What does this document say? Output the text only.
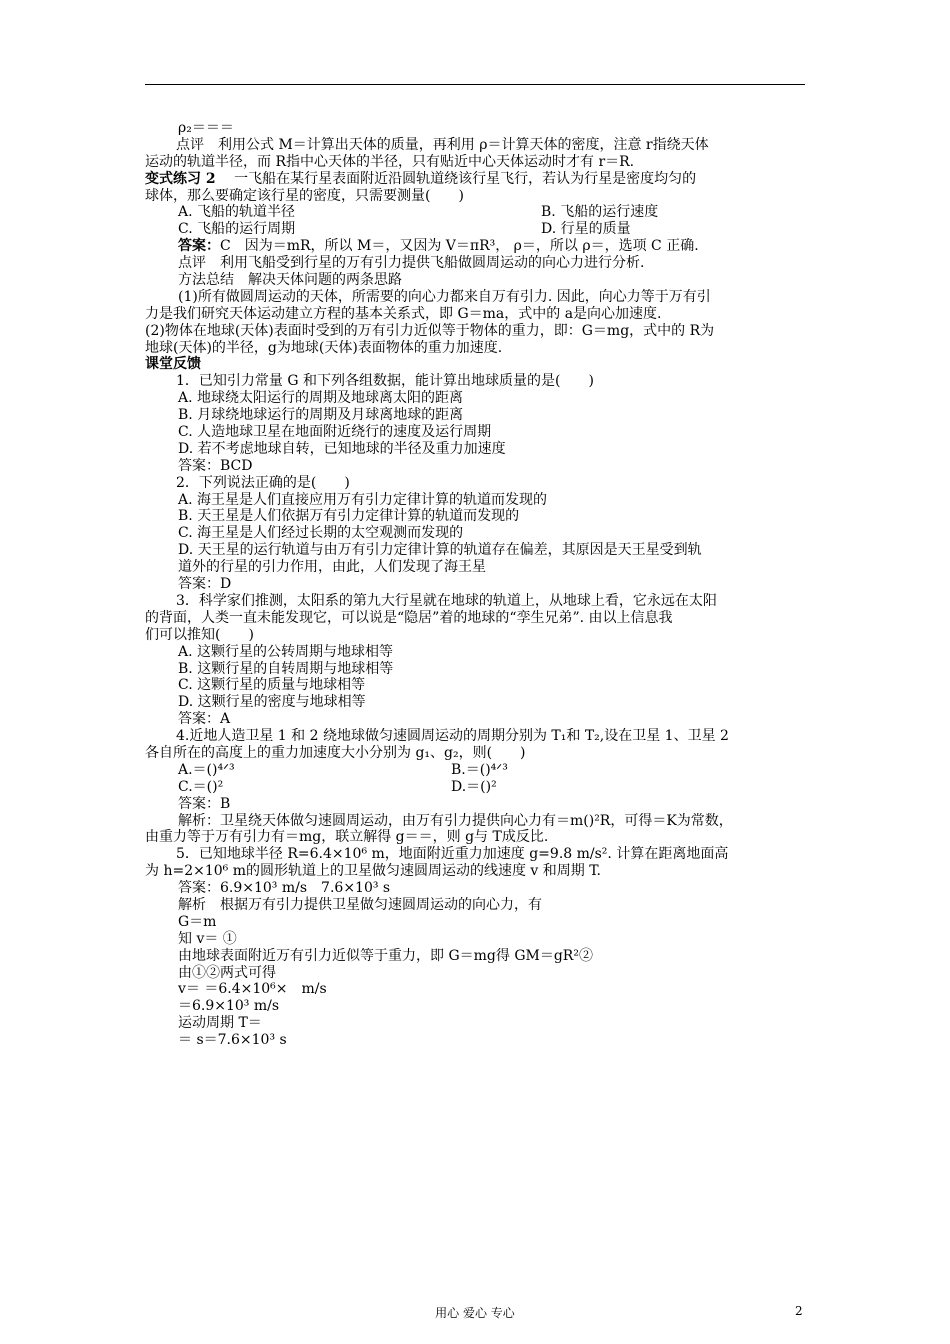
ρ₂＝＝＝
点评　利用公式 M＝计算出天体的质量，再利用 ρ＝计算天体的密度，注意 r指绕天体
运动的轨道半径，而 R指中心天体的半径，只有贴近中心天体运动时才有 r＝R.
变式练习 2　 一飞船在某行星表面附近沿圆轨道绕该行星飞行，若认为行星是密度均匀的
球体，那么要确定该行星的密度，只需要测量(　　)
A. 飞船的轨道半径	B. 飞船的运行速度
C. 飞船的运行周期	D. 行星的质量
答案：C　因为＝mR，所以 M＝，又因为 V＝πR³， ρ＝，所以 ρ＝，选项 C 正确.
点评　利用飞船受到行星的万有引力提供飞船做圆周运动的向心力进行分析.
方法总结　解决天体问题的两条思路
(1)所有做圆周运动的天体，所需要的向心力都来自万有引力. 因此，向心力等于万有引
力是我们研究天体运动建立方程的基本关系式，即 G＝ma，式中的 a是向心加速度.
(2)物体在地球(天体)表面时受到的万有引力近似等于物体的重力，即：G＝mg，式中的 R为
地球(天体)的半径，g为地球(天体)表面物体的重力加速度.
课堂反馈
1．已知引力常量 G 和下列各组数据，能计算出地球质量的是(　　)
A. 地球绕太阳运行的周期及地球离太阳的距离
B. 月球绕地球运行的周期及月球离地球的距离
C. 人造地球卫星在地面附近绕行的速度及运行周期
D. 若不考虑地球自转，已知地球的半径及重力加速度
答案：BCD
2．下列说法正确的是(　　)
A. 海王星是人们直接应用万有引力定律计算的轨道而发现的
B. 天王星是人们依据万有引力定律计算的轨道而发现的
C. 海王星是人们经过长期的太空观测而发现的
D. 天王星的运行轨道与由万有引力定律计算的轨道存在偏差，其原因是天王星受到轨
道外的行星的引力作用，由此，人们发现了海王星
答案：D
3．科学家们推测，太阳系的第九大行星就在地球的轨道上，从地球上看，它永远在太阳
的背面，人类一直未能发现它，可以说是“隐居”着的地球的“孪生兄弟”. 由以上信息我
们可以推知(　　)
A. 这颗行星的公转周期与地球相等
B. 这颗行星的自转周期与地球相等
C. 这颗行星的质量与地球相等
D. 这颗行星的密度与地球相等
答案：A
4.近地人造卫星 1 和 2 绕地球做匀速圆周运动的周期分别为 T₁和 T₂,设在卫星 1、卫星 2
各自所在的高度上的重力加速度大小分别为 g₁、g₂，则(　　)
A.＝()⁴ᐟ³	B.＝()⁴ᐟ³
C.＝()²	D.＝()²
答案：B
解析：卫星绕天体做匀速圆周运动，由万有引力提供向心力有＝m()²R，可得＝K为常数，
由重力等于万有引力有＝mg，联立解得 g＝＝，则 g与 T成反比.
5．已知地球半径 R=6.4×10⁶ m，地面附近重力加速度 g=9.8 m/s². 计算在距离地面高
为 h=2×10⁶ m的圆形轨道上的卫星做匀速圆周运动的线速度 v 和周期 T.
答案：6.9×10³ m/s　7.6×10³ s
解析　根据万有引力提供卫星做匀速圆周运动的向心力，有
G＝m
知 v＝ ①
由地球表面附近万有引力近似等于重力，即 G＝mg得 GM＝gR²②
由①②两式可得
v＝ ＝6.4×10⁶×　m/s
＝6.9×10³ m/s
运动周期 T＝
＝ s＝7.6×10³ s
用心 爱心 专心	2
